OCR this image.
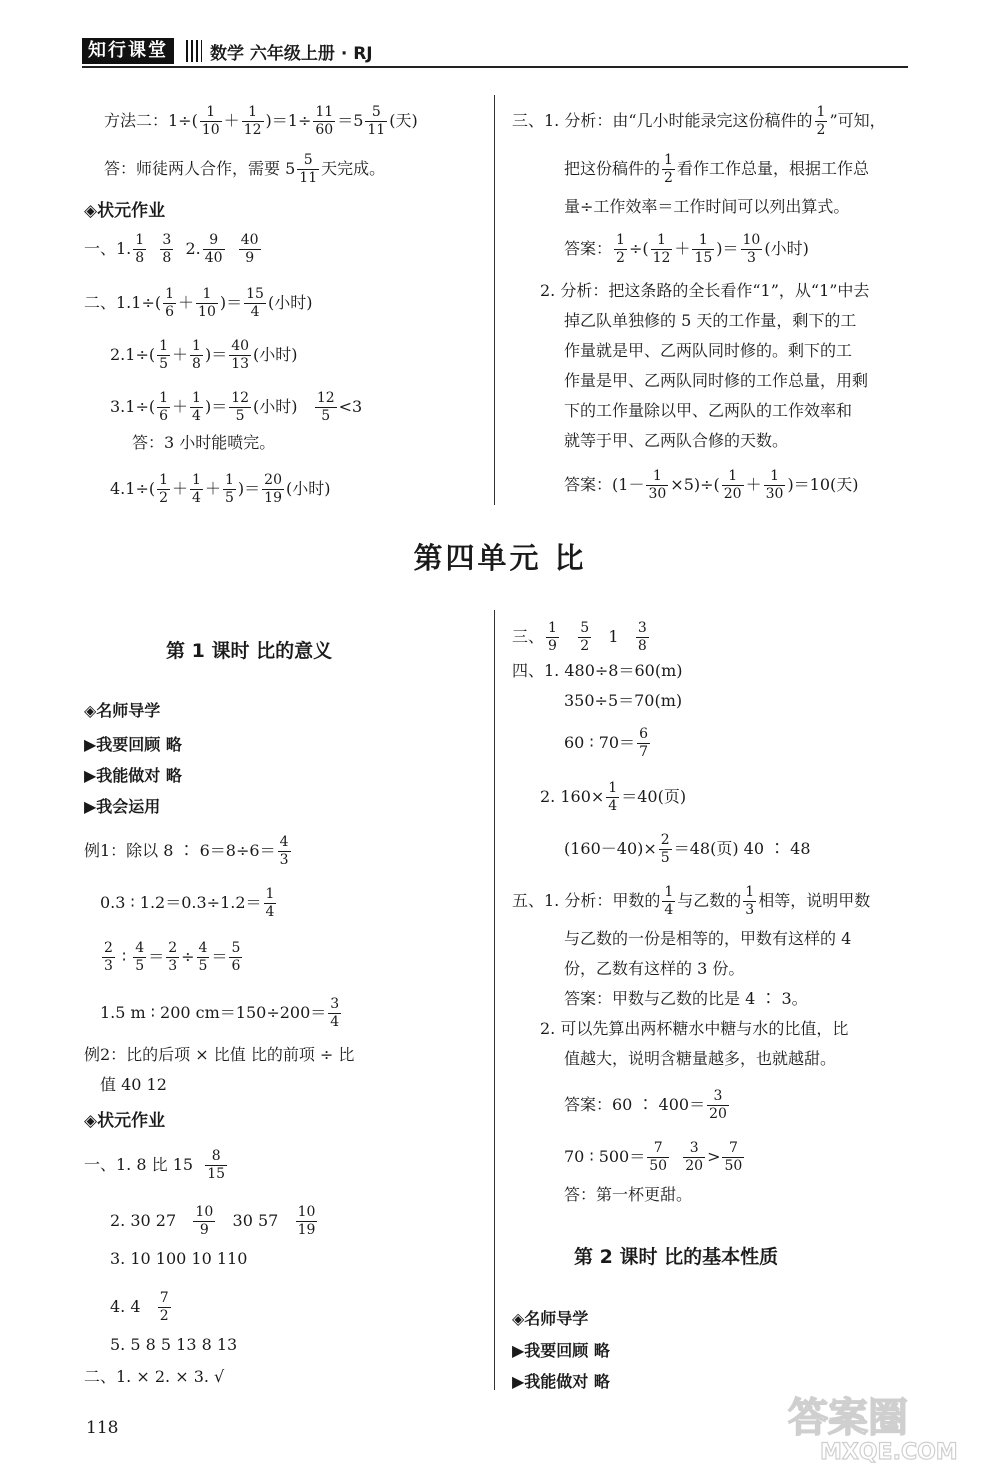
知行课堂	数学 六年级上册 · RJ
方法二：$1\div( \frac{1}{10} + \frac{1}{12} )=1\div \frac{11}{60} =5 \frac{5}{11}$ (天)
答：师徒两人合作，需要 $5 \frac{5}{11}$ 天完成。
◈状元作业
一、1. $\frac{1}{8}$
$\frac{3}{8} 2$. $\frac{9}{40}$
$\frac{40}{9}$
二、$1.1\div( \frac{1}{6} + \frac{1}{10}$ )＝ $\frac{15}{4}$ (小时)
$2.1\div( \frac{1}{5} + \frac{1}{8}$ )＝ $\frac{40}{13}$ (小时)
$3.1\div( \frac{1}{6} + \frac{1}{4}$ )＝ $\frac{12}{5}$ (小时) $\frac{12}{5} <3$
答：3 小时能喷完。
$4.1\div( \frac{1}{2} + \frac{1}{4} + \frac{1}{5}$ )＝ $\frac{20}{19}$ (小时)
三、1. 分析：由“几小时能录完这份稿件的 $\frac{1}{2}$ ”可知，
把这份稿件的 $\frac{1}{2}$ 看作工作总量，根据工作总
量÷工作效率＝工作时间可以列出算式。
答案： $\frac{1}{2}$ ÷( $\frac{1}{12} + \frac{1}{15}$ )＝ $\frac{10}{3}$ (小时)
2. 分析：把这条路的全长看作“1”，从“1”中去
掉乙队单独修的 5 天的工作量，剩下的工
作量就是甲、乙两队同时修的。剩下的工
作量是甲、乙两队同时修的工作总量，用剩
下的工作量除以甲、乙两队的工作效率和
就等于甲、乙两队合修的天数。
答案：$(1- \frac{1}{30} \times 5)\div( \frac{1}{20} + \frac{1}{30} )=10$(天)
第四单元 比
第 1 课时 比的意义
◈名师导学
▶我要回顾 略
▶我能做对 略
▶我会运用
例1：除以 8 ∶ $6=8\div 6= \frac{4}{3}$
0.3 ∶ $1.2=0.3\div 1.2= \frac{1}{4}$
$\frac{2}{3}$ ∶ $\frac{4}{5} = \frac{2}{3} \div \frac{4}{5} = \frac{5}{6}$
1.5 m ∶ 200 $cm=150\div 200= \frac{3}{4}$
例2：比的后项 × 比值 比的前项 ÷ 比
值 40 12
◈状元作业
一、1. 8 比 $15 \frac{8}{15}$
2. 30 $27 \frac{10}{9} 30$ $57 \frac{10}{19}$
3. 10 100 10 110
4. $4 \frac{7}{2}$
5. 5 8 5 13 8 13
二、1. × 2. × 3. √
三、 $\frac{1}{9}$
$\frac{5}{2} 1 \frac{3}{8}$
四、1. 480÷8＝60(m)
350÷5＝70(m)
60 ∶ $70= \frac{6}{7}$
2. $160\times \frac{1}{4} =40$(页)
$(160-40)\times \frac{2}{5} =48$(页) 40 ∶ 48
五、1. 分析：甲数的 $\frac{1}{4}$ 与乙数的 $\frac{1}{3}$ 相等，说明甲数
与乙数的一份是相等的，甲数有这样的 4
份，乙数有这样的 3 份。
答案：甲数与乙数的比是 4 ∶ 3。
2. 可以先算出两杯糖水中糖与水的比值，比
值越大，说明含糖量越多，也就越甜。
答案：60 ∶ $400= \frac{3}{20}$
70 ∶ $500= \frac{7}{50}$
$\frac{3}{20} > \frac{7}{50}$
答：第一杯更甜。
第 2 课时 比的基本性质
◈名师导学
▶我要回顾 略
▶我能做对 略
118	答案圈
MXQE.COM
